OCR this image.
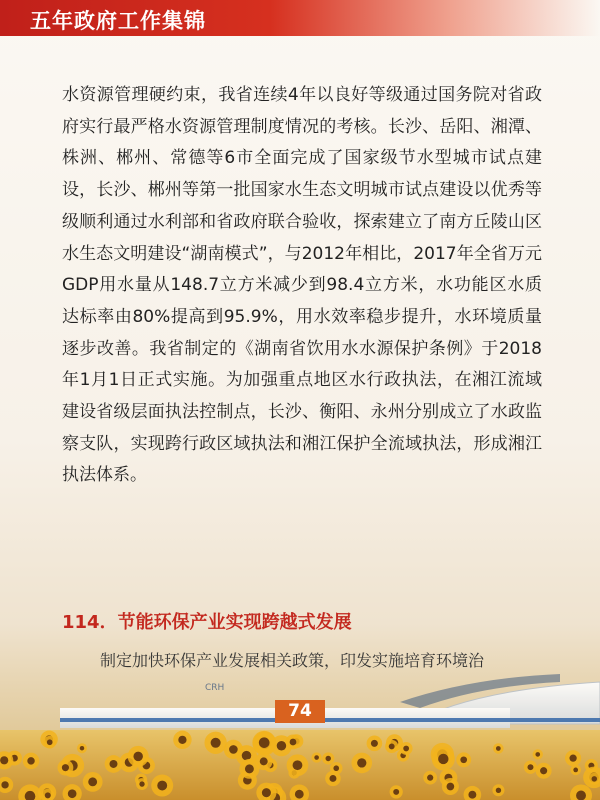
五年政府工作集锦

水资源管理硬约束，我省连续4年以良好等级通过国务院对省政府实行最严格水资源管理制度情况的考核。长沙、岳阳、湘潭、株洲、郴州、常德等6市全面完成了国家级节水型城市试点建设，长沙、郴州等第一批国家水生态文明城市试点建设以优秀等级顺利通过水利部和省政府联合验收，探索建立了南方丘陵山区水生态文明建设“湖南模式”，与2012年相比，2017年全省万元GDP用水量从148.7立方米减少到98.4立方米，水功能区水质达标率由80%提高到95.9%，用水效率稳步提升，水环境质量逐步改善。我省制定的《湖南省饮用水水源保护条例》于2018年1月1日正式实施。为加强重点地区水行政执法，在湘江流域建设省级层面执法控制点，长沙、衡阳、永州分别成立了水政监察支队，实现跨行政区域执法和湘江保护全流域执法，形成湘江执法体系。

114．节能环保产业实现跨越式发展

制定加快环保产业发展相关政策，印发实施培育环境治

CRH
74
